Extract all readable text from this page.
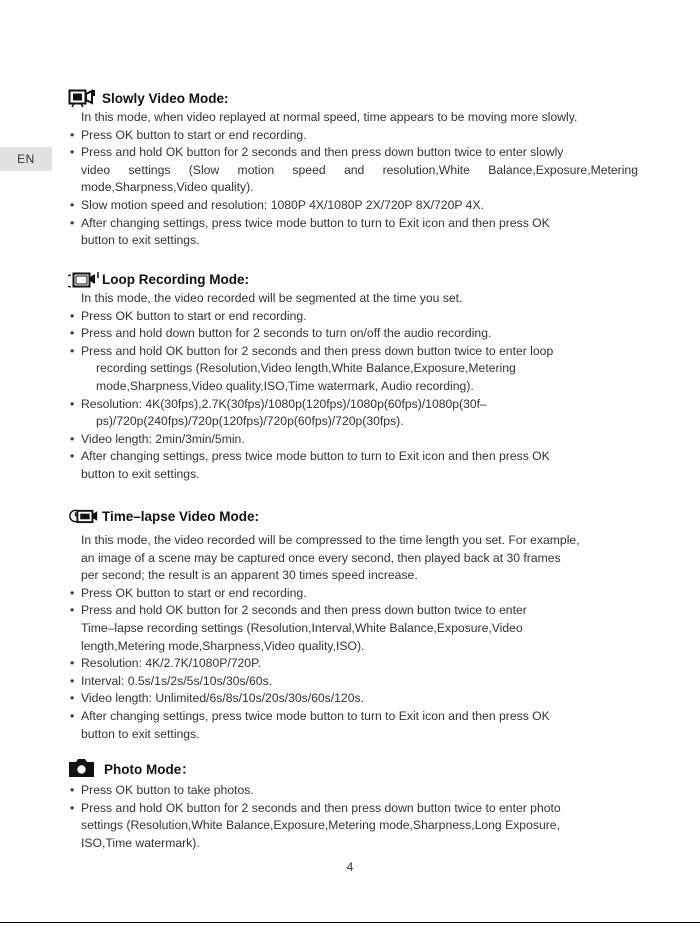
EN
Slowly Video Mode:
In this mode, when video replayed at normal speed, time appears to be moving more slowly.
• Press OK button to start or end recording.
• Press and hold OK button for 2 seconds and then press down button twice to enter slowly
video settings (Slow motion speed and resolution,White Balance,Exposure,Metering
mode,Sharpness,Video quality).
• Slow motion speed and resolution: 1080P 4X/1080P 2X/720P 8X/720P 4X.
• After changing settings, press twice mode button to turn to Exit icon and then press OK
button to exit settings.
Loop Recording Mode:
In this mode, the video recorded will be segmented at the time you set.
• Press OK button to start or end recording.
• Press and hold down button for 2 seconds to turn on/off the audio recording.
• Press and hold OK button for 2 seconds and then press down button twice to enter loop
recording settings (Resolution,Video length,White Balance,Exposure,Metering
mode,Sharpness,Video quality,ISO,Time watermark, Audio recording).
• Resolution: 4K(30fps),2.7K(30fps)/1080p(120fps)/1080p(60fps)/1080p(30f–
ps)/720p(240fps)/720p(120fps)/720p(60fps)/720p(30fps).
• Video length: 2min/3min/5min.
• After changing settings, press twice mode button to turn to Exit icon and then press OK
button to exit settings.
Time–lapse Video Mode:
In this mode, the video recorded will be compressed to the time length you set. For example,
an image of a scene may be captured once every second, then played back at 30 frames
per second; the result is an apparent 30 times speed increase.
• Press OK button to start or end recording.
• Press and hold OK button for 2 seconds and then press down button twice to enter
Time–lapse recording settings (Resolution,Interval,White Balance,Exposure,Video
length,Metering mode,Sharpness,Video quality,ISO).
• Resolution: 4K/2.7K/1080P/720P.
• Interval: 0.5s/1s/2s/5s/10s/30s/60s.
• Video length: Unlimited/6s/8s/10s/20s/30s/60s/120s.
• After changing settings, press twice mode button to turn to Exit icon and then press OK
button to exit settings.
Photo Mode：
• Press OK button to take photos.
• Press and hold OK button for 2 seconds and then press down button twice to enter photo
settings (Resolution,White Balance,Exposure,Metering mode,Sharpness,Long Exposure,
ISO,Time watermark).
4
